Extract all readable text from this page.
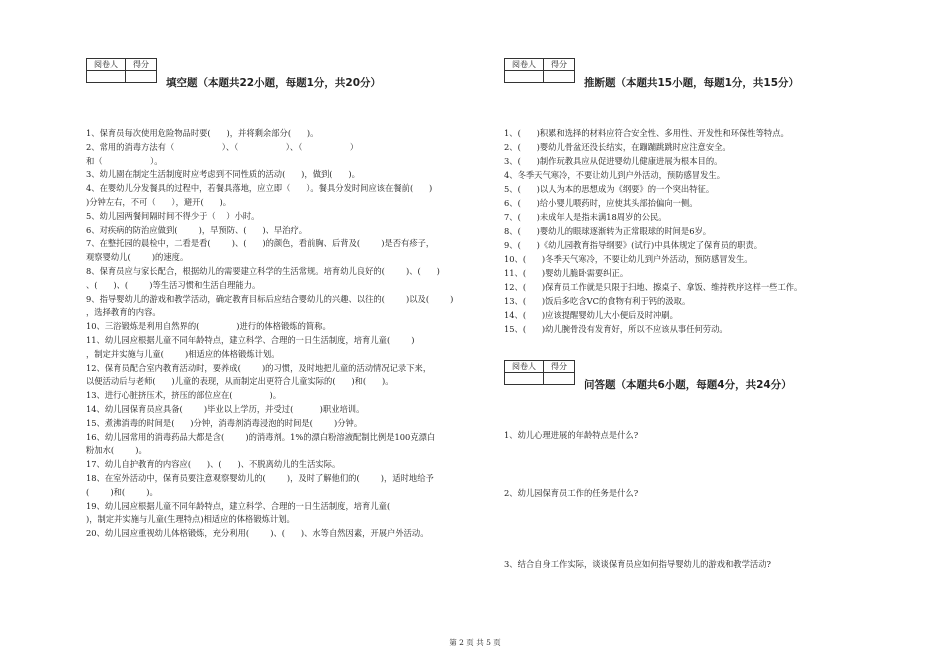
阅卷人	得分

填空题（本题共22小题，每题1分，共20分）
1、保育员每次使用危险物品时要(      )，并将剩余部分(      )。
2、常用的消毒方法有（                  ）、（                  ）、（                  ）
和（                  ）。
3、幼儿園在制定生活制度时应考虑到不同性质的活动(      )，做到(      )。
4、在婴幼儿分发餐具的过程中，若餐具落地，应立即（      ）。餐具分发时间应该在餐前(      )
)分钟左右，不可（      ），避开(      )。
5、幼儿园两餐间隔时间不得少于（    ）小时。
6、对疾病的防治应做到(        )，早预防、(      )、早治疗。
7、在整托园的晨检中，二看是看(        )、(      )的颜色，看前胸、后背及(        )是否有疹子，
观察婴幼儿(        )的速度。
8、保育员应与家长配合，根据幼儿的需要建立科学的生活常规。培育幼儿良好的(        )、(      )
、(      )、(        )等生活习惯和生活自理能力。
9、指导婴幼儿的游戏和教学活动，确定教育目标后应结合婴幼儿的兴趣、以往的(        )以及(        )
，选择教育的内容。
10、三浴锻炼是利用自然界的(              )进行的体格锻炼的简称。
11、幼儿园应根据儿童不同年龄特点，建立科学、合理的一日生活制度，培育儿童(        )
，制定并实施与儿童(        )相适应的体格锻炼计划。
12、保育员配合室内教育活动时，要养成(        )的习惯，及时地把儿童的活动情况记录下来，
以便活动后与老师(      )儿童的表现，从而制定出更符合儿童实际的(      )和(      )。
13、进行心脏挤压术，挤压的部位应在(              )。
14、幼儿园保育员应具备(        )毕业以上学历，并受过(          )职业培训。
15、煮沸消毒的时间是(      )分钟，消毒剂消毒浸泡的时间是(        )分钟。
16、幼儿园常用的消毒药品大都是含(        )的消毒剂。1%的漂白粉溶液配制比例是100克漂白
粉加水(        )。
17、幼儿自护教育的内容应(      )、(      )、不脱离幼儿的生活实际。
18、在室外活动中，保育员要注意观察婴幼儿的(        )，及时了解他们的(        )，适时地给予
(        )和(        )。
19、幼儿园应根据儿童不同年龄特点，建立科学、合理的一日生活制度，培育儿童(
)，制定并实施与儿童(生理特点)相适应的体格锻炼计划。
20、幼儿园应重视幼儿体格锻炼，充分利用(        )、(      )、水等自然因素，开展户外活动。
阅卷人	得分

推断题（本题共15小题，每题1分，共15分）
1、(      )积累和选择的材料应符合安全性、多用性、开发性和环保性等特点。
2、(      )婴幼儿骨盆还没长结实，在蹦蹦跳跳时应注意安全。
3、(      )制作玩教具应从促进婴幼儿健康进展为根本目的。
4、冬季天气寒冷，不要让幼儿到户外活动，预防感冒发生。
5、(      )以人为本的思想成为《纲要》的一个突出特征。
6、(      )给小婴儿喂药时，应使其头部抬偏向一侧。
7、(      )未成年人是指未满18周岁的公民。
8、(      )婴幼儿的眼球逐渐转为正常眼球的时间是6岁。
9、(      )《幼儿园教育指导纲要》(试行)中具体规定了保育员的职责。
10、(      )冬季天气寒冷，不要让幼儿到户外活动，预防感冒发生。
11、(      )婴幼儿脆卧需要纠正。
12、(      )保育员工作就是只限于扫地、擦桌子、拿饭、维持秩序这样一些工作。
13、(      )饭后多吃含VC的食物有利于钙的汲取。
14、(      )应该提醒婴幼儿大小便后及时冲刷。
15、(      )幼儿腕骨没有发育好，所以不应该从事任何劳动。
阅卷人	得分

问答题（本题共6小题，每题4分，共24分）
1、幼儿心理进展的年龄特点是什么?
2、幼儿园保育员工作的任务是什么?
3、结合自身工作实际，谈谈保育员应如何指导婴幼儿的游戏和教学活动?
第 2 页 共 5 页
